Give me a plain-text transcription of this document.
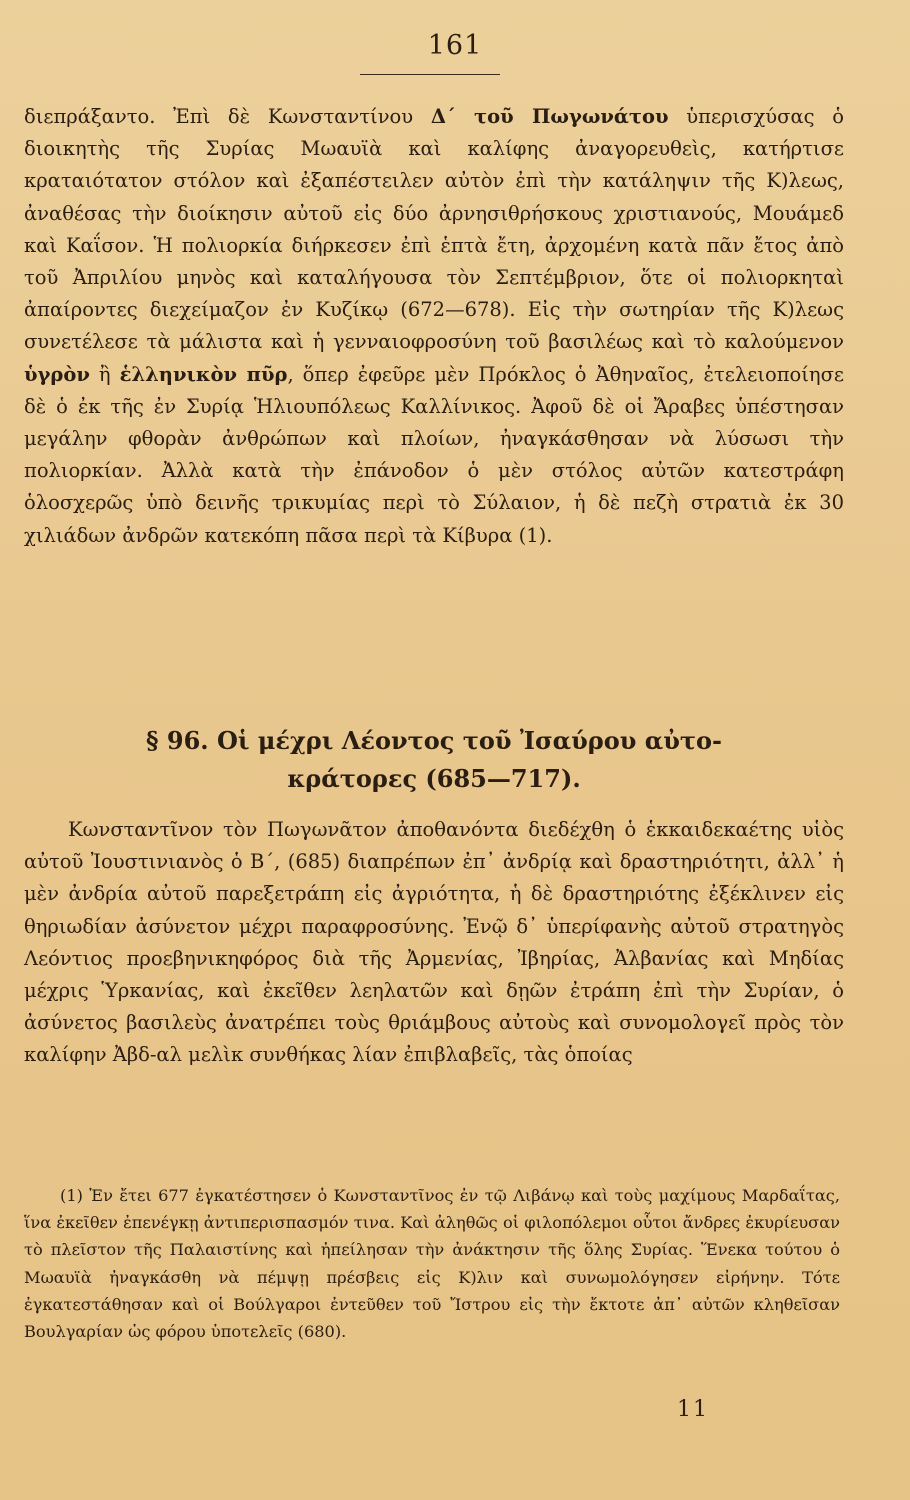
161
διεπράξαντο. Ἐπὶ δὲ Κωνσταντίνου Δ΄ τοῦ Πωγωνάτου ὑπερισχύσας ὁ διοικητὴς τῆς Συρίας Μωαυϊὰ καὶ καλίφης ἀναγορευθεὶς, κατήρτισε κραταιότατον στόλον καὶ ἐξαπέστειλεν αὐτὸν ἐπὶ τὴν κατάληψιν τῆς Κ)λεως, ἀναθέσας τὴν διοίκησιν αὐτοῦ εἰς δύο ἀρνησιθρήσκους χριστιανούς, Μουάμεδ καὶ Καΐσον. Ἡ πολιορκία διήρκεσεν ἐπὶ ἑπτὰ ἔτη, ἀρχομένη κατὰ πᾶν ἔτος ἀπὸ τοῦ Ἀπριλίου μηνὸς καὶ καταλήγουσα τὸν Σεπτέμβριον, ὅτε οἱ πολιορκηταὶ ἀπαίροντες διεχείμαζον ἐν Κυζίκῳ (672—678). Εἰς τὴν σωτηρίαν τῆς Κ)λεως συνετέλεσε τὰ μάλιστα καὶ ἡ γενναιοφροσύνη τοῦ βασιλέως καὶ τὸ καλούμενον ὑγρὸν ἢ ἑλληνικὸν πῦρ, ὅπερ ἐφεῦρε μὲν Πρόκλος ὁ Ἀθηναῖος, ἐτελειοποίησε δὲ ὁ ἐκ τῆς ἐν Συρίᾳ Ἡλιουπόλεως Καλλίνικος. Ἀφοῦ δὲ οἱ Ἄραβες ὑπέστησαν μεγάλην φθορὰν ἀνθρώπων καὶ πλοίων, ἠναγκάσθησαν νὰ λύσωσι τὴν πολιορκίαν. Ἀλλὰ κατὰ τὴν ἐπάνοδον ὁ μὲν στόλος αὐτῶν κατεστράφη ὁλοσχερῶς ὑπὸ δεινῆς τρικυμίας περὶ τὸ Σύλαιον, ἡ δὲ πεζὴ στρατιὰ ἐκ 30 χιλιάδων ἀνδρῶν κατεκόπη πᾶσα περὶ τὰ Κίβυρα (1).
§ 96. Οἱ μέχρι Λέοντος τοῦ Ἰσαύρου αὐτο-
κράτορες (685—717).
Κωνσταντῖνον τὸν Πωγωνᾶτον ἀποθανόντα διεδέχθη ὁ ἑκκαιδεκαέτης υἱὸς αὐτοῦ Ἰουστινιανὸς ὁ Β΄, (685) διαπρέπων ἐπ᾿ ἀνδρίᾳ καὶ δραστηριότητι, ἀλλ᾿ ἡ μὲν ἀνδρία αὐτοῦ παρεξετράπη εἰς ἀγριότητα, ἡ δὲ δραστηριότης ἐξέκλινεν εἰς θηριωδίαν ἀσύνετον μέχρι παραφροσύνης. Ἐνῷ δ᾿ ὑπερίφανὴς αὐτοῦ στρατηγὸς Λεόντιος προεβηνικηφόρος διὰ τῆς Ἀρμενίας, Ἰβηρίας, Ἀλβανίας καὶ Μηδίας μέχρις Ὑρκανίας, καὶ ἐκεῖθεν λεηλατῶν καὶ δῃῶν ἐτράπη ἐπὶ τὴν Συρίαν, ὁ ἀσύνετος βασιλεὺς ἀνατρέπει τοὺς θριάμβους αὐτοὺς καὶ συνομολογεῖ πρὸς τὸν καλίφην Ἀβδ-αλ μελὶκ συνθήκας λίαν ἐπιβλαβεῖς, τὰς ὁποίας
(1) Ἐν ἔτει 677 ἐγκατέστησεν ὁ Κωνσταντῖνος ἐν τῷ Λιβάνῳ καὶ τοὺς μαχίμους Μαρδαΐτας, ἵνα ἐκεῖθεν ἐπενέγκῃ ἀντιπερισπασμόν τινα. Καὶ ἀληθῶς οἱ φιλοπόλεμοι οὗτοι ἄνδρες ἐκυρίευσαν τὸ πλεῖστον τῆς Παλαιστίνης καὶ ἠπείλησαν τὴν ἀνάκτησιν τῆς ὅλης Συρίας. Ἕνεκα τούτου ὁ Μωαυϊὰ ἠναγκάσθη νὰ πέμψῃ πρέσβεις εἰς Κ)λιν καὶ συνωμολόγησεν εἰρήνην. Τότε ἐγκατεστάθησαν καὶ οἱ Βούλγαροι ἐντεῦθεν τοῦ Ἴστρου εἰς τὴν ἔκτοτε ἀπ᾿ αὐτῶν κληθεῖσαν Βουλγαρίαν ὡς φόρου ὑποτελεῖς (680).
11
